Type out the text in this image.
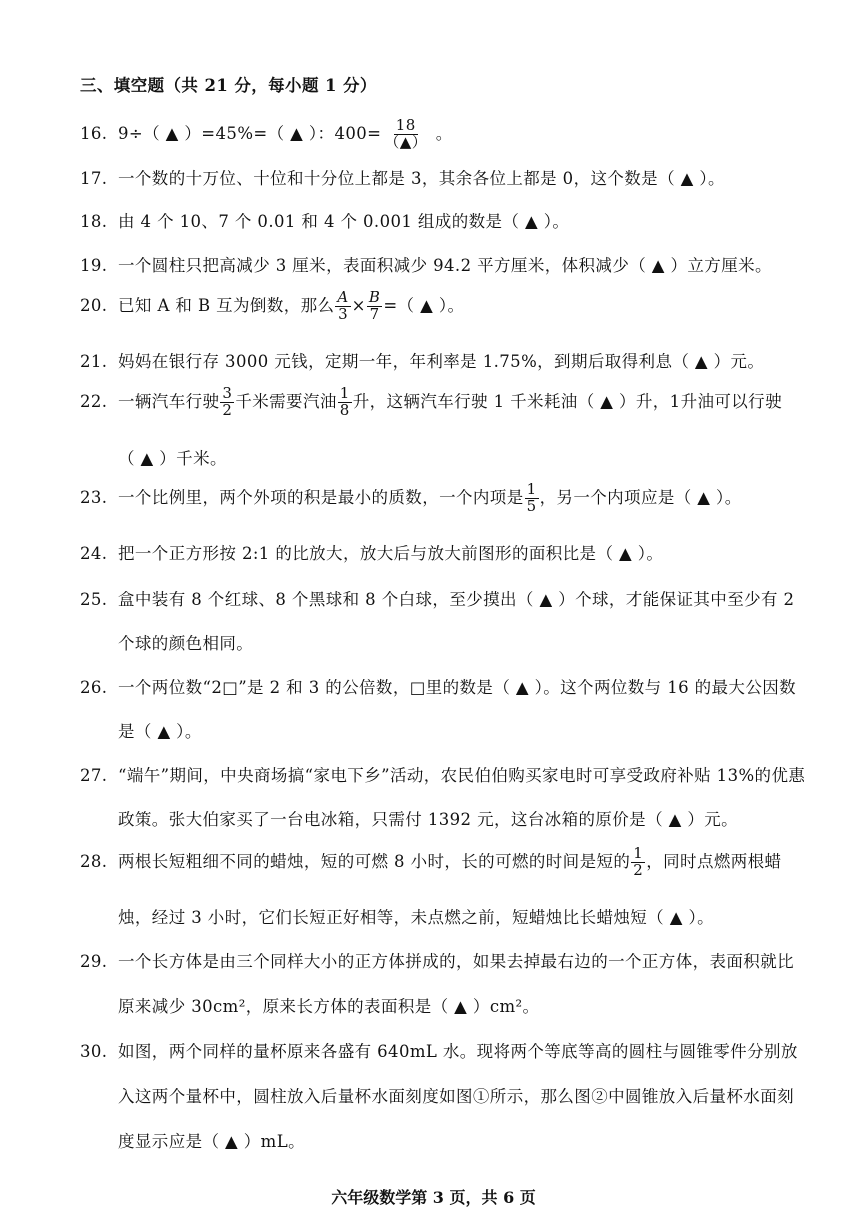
三、填空题（共 21 分，每小题 1 分）
16. 9÷（ ▲ ）=45%=（ ▲ ）：$400= \frac{18}{(▲)}$ 。
17. 一个数的十万位、十位和十分位上都是 3，其余各位上都是 0，这个数是（ ▲ ）。
18. 由 4 个 10、7 个 0.01 和 4 个 0.001 组成的数是（ ▲ ）。
19. 一个圆柱只把高减少 3 厘米，表面积减少 94.2 平方厘米，体积减少（ ▲ ）立方厘米。
20. 已知 A 和 B 互为倒数，那么 $\frac{A}{3} \times \frac{B}{7}$ =（ ▲ ）。
21. 妈妈在银行存 3000 元钱，定期一年，年利率是 1.75%，到期后取得利息（ ▲ ）元。
22. 一辆汽车行驶 $\frac{3}{2}$ 千米需要汽油 $\frac{1}{8}$ 升，这辆汽车行驶 1 千米耗油（ ▲ ）升，1升油可以行驶
（ ▲ ）千米。
23. 一个比例里，两个外项的积是最小的质数，一个内项是 $\frac{1}{5}$ ，另一个内项应是（ ▲ ）。
24. 把一个正方形按 2:1 的比放大，放大后与放大前图形的面积比是（ ▲ ）。
25. 盒中装有 8 个红球、8 个黑球和 8 个白球，至少摸出（ ▲ ）个球，才能保证其中至少有 2
个球的颜色相同。
26. 一个两位数“2□”是 2 和 3 的公倍数，□里的数是（ ▲ ）。这个两位数与 16 的最大公因数
是（ ▲ ）。
27. “端午”期间，中央商场搞“家电下乡”活动，农民伯伯购买家电时可享受政府补贴 13%的优惠
政策。张大伯家买了一台电冰箱，只需付 1392 元，这台冰箱的原价是（ ▲ ）元。
28. 两根长短粗细不同的蜡烛，短的可燃 8 小时，长的可燃的时间是短的 $\frac{1}{2}$ ，同时点燃两根蜡
烛，经过 3 小时，它们长短正好相等，未点燃之前，短蜡烛比长蜡烛短（ ▲ ）。
29. 一个长方体是由三个同样大小的正方体拼成的，如果去掉最右边的一个正方体，表面积就比
原来减少 30cm²，原来长方体的表面积是（ ▲ ）cm²。
30. 如图，两个同样的量杯原来各盛有 640mL 水。现将两个等底等高的圆柱与圆锥零件分别放
入这两个量杯中，圆柱放入后量杯水面刻度如图①所示，那么图②中圆锥放入后量杯水面刻
度显示应是（ ▲ ）mL。
六年级数学第 3 页，共 6 页
